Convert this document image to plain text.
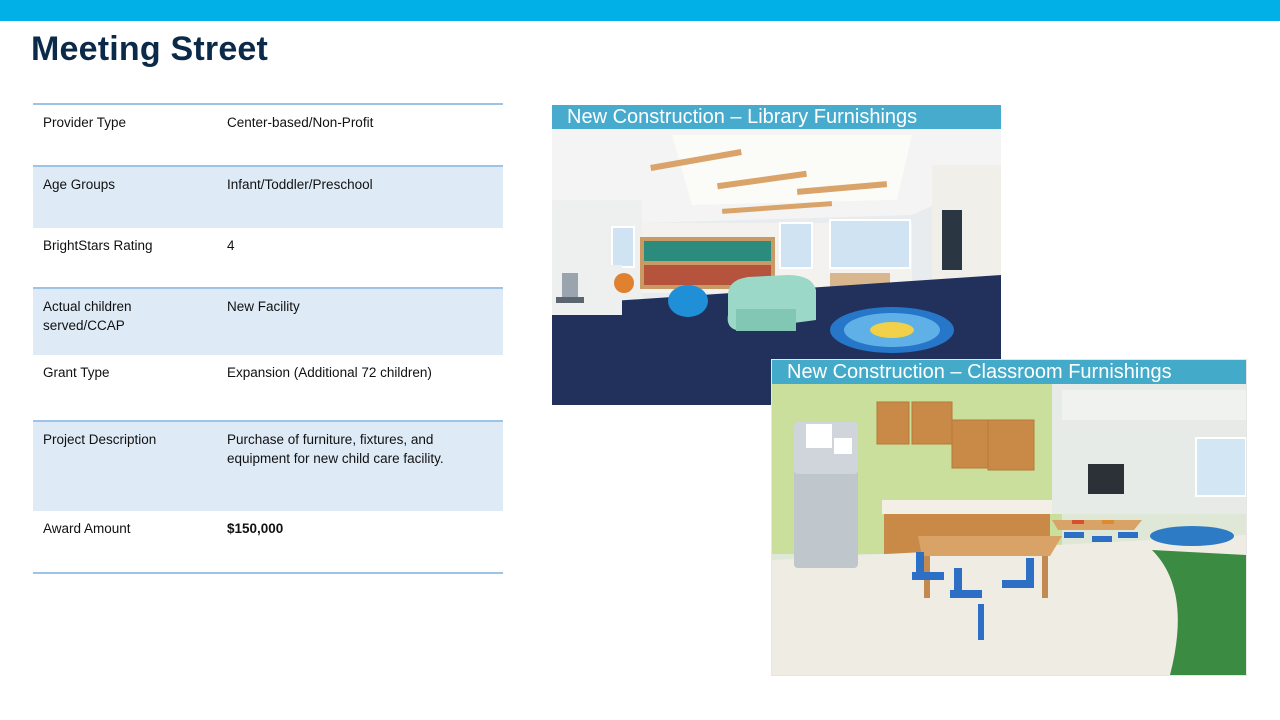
Meeting Street
Provider Type	Center-based/Non-Profit
Age Groups	Infant/Toddler/Preschool
BrightStars Rating	4
Actual children served/CCAP	New Facility
Grant Type	Expansion (Additional 72 children)
Project Description	Purchase of furniture, fixtures, and equipment for new child care facility.
Award Amount	$150,000
New Construction – Library Furnishings
New Construction – Classroom Furnishings
